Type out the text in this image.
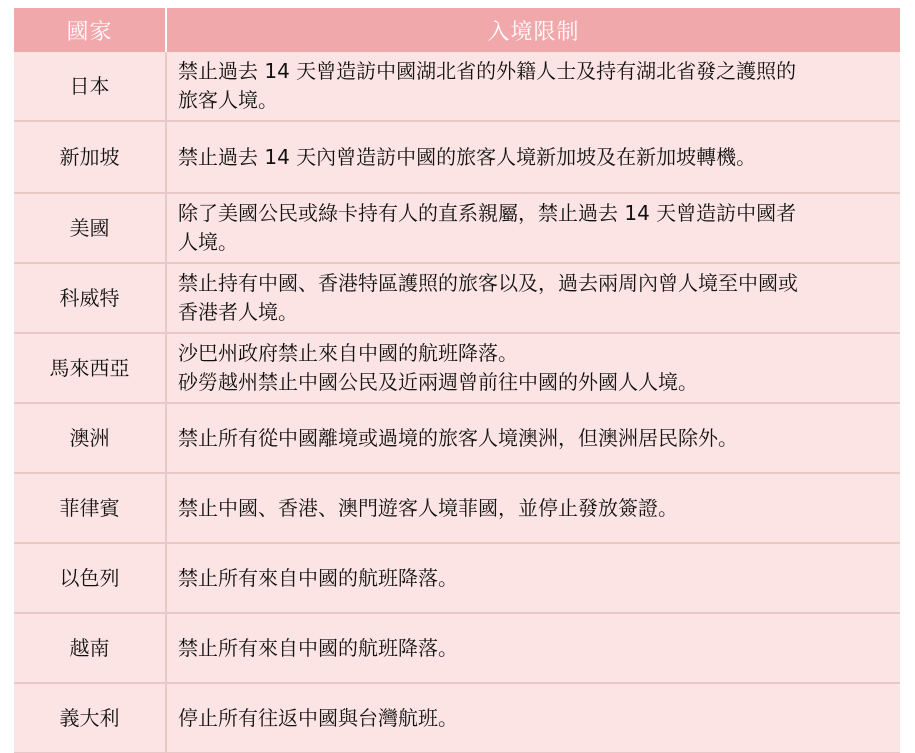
國家	入境限制
日本	禁止過去 14 天曾造訪中國湖北省的外籍人士及持有湖北省發之護照的
旅客人境。

新加坡	禁止過去 14 天內曾造訪中國的旅客人境新加坡及在新加坡轉機。

美國	除了美國公民或綠卡持有人的直系親屬，禁止過去 14 天曾造訪中國者
人境。

科威特	禁止持有中國、香港特區護照的旅客以及，過去兩周內曾人境至中國或
香港者人境。

馬來西亞	沙巴州政府禁止來自中國的航班降落。
砂勞越州禁止中國公民及近兩週曾前往中國的外國人人境。

澳洲	禁止所有從中國離境或過境的旅客人境澳洲，但澳洲居民除外。

菲律賓	禁止中國、香港、澳門遊客人境菲國，並停止發放簽證。

以色列	禁止所有來自中國的航班降落。

越南	禁止所有來自中國的航班降落。

義大利	停止所有往返中國與台灣航班。
